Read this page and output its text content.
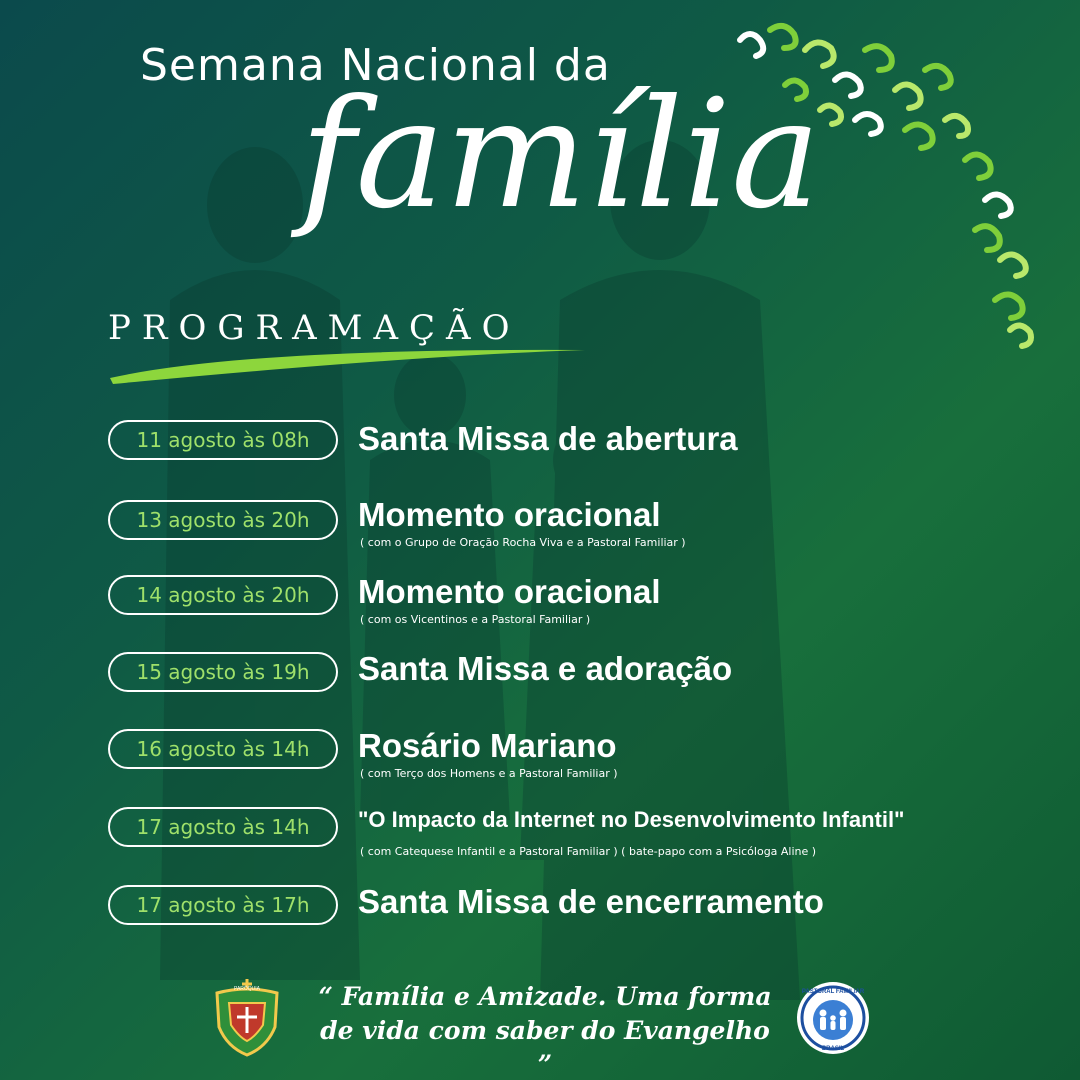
Semana Nacional da
família
PROGRAMAÇÃO
11 agosto às 08h	Santa Missa de abertura
13 agosto às 20h	Momento oracional
( com o Grupo de Oração Rocha Viva e a Pastoral Familiar )
14 agosto às 20h	Momento oracional
( com os Vicentinos e a Pastoral Familiar )
15 agosto às 19h	Santa Missa e adoração
16 agosto às 14h	Rosário Mariano
( com Terço dos Homens e a Pastoral Familiar )
17 agosto às 14h	"O Impacto da Internet no Desenvolvimento Infantil"
( com Catequese Infantil e a Pastoral Familiar ) ( bate-papo com a Psicóloga Aline )
17 agosto às 17h	Santa Missa de encerramento
PARÓQUIA	“ Família e Amizade. Uma forma
de vida com saber do Evangelho ”
PASTORAL FAMILIAR
BRASIL
